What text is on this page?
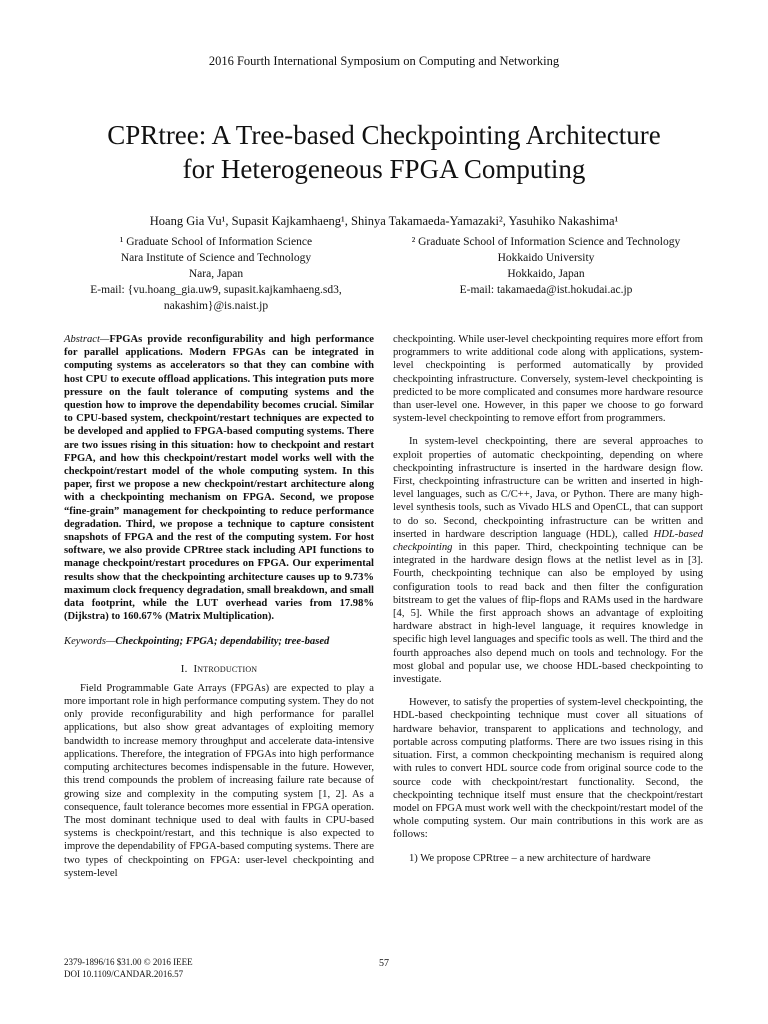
2016 Fourth International Symposium on Computing and Networking
CPRtree: A Tree-based Checkpointing Architecture
for Heterogeneous FPGA Computing
Hoang Gia Vu¹, Supasit Kajkamhaeng¹, Shinya Takamaeda-Yamazaki², Yasuhiko Nakashima¹
¹ Graduate School of Information Science
Nara Institute of Science and Technology
Nara, Japan
E-mail: {vu.hoang_gia.uw9, supasit.kajkamhaeng.sd3,
nakashim}@is.naist.jp
² Graduate School of Information Science and Technology
Hokkaido University
Hokkaido, Japan
E-mail: takamaeda@ist.hokudai.ac.jp

Abstract—FPGAs provide reconfigurability and high performance for parallel applications. Modern FPGAs can be integrated in computing systems as accelerators so that they can combine with host CPU to execute offload applications. This integration puts more pressure on the fault tolerance of computing systems and the question how to improve the dependability becomes crucial. Similar to CPU-based system, checkpoint/restart techniques are expected to be developed and applied to FPGA-based computing systems. There are two issues rising in this situation: how to checkpoint and restart FPGA, and how this checkpoint/restart model works well with the checkpoint/restart model of the whole computing system. In this paper, first we propose a new checkpoint/restart architecture along with a checkpointing mechanism on FPGA. Second, we propose “fine-grain” management for checkpointing to reduce performance degradation. Third, we propose a technique to capture consistent snapshots of FPGA and the rest of the computing system. For host software, we also provide CPRtree stack including API functions to manage checkpoint/restart procedures on FPGA. Our experimental results show that the checkpointing architecture causes up to 9.73% maximum clock frequency degradation, small breakdown, and small data footprint, while the LUT overhead varies from 17.98% (Dijkstra) to 160.67% (Matrix Multiplication).

Keywords—Checkpointing; FPGA; dependability; tree-based

I. Introduction

Field Programmable Gate Arrays (FPGAs) are expected to play a more important role in high performance computing system. They do not only provide reconfigurability and high performance for parallel applications, but also show great advantages of exploiting memory bandwidth to increase memory throughput and accelerate data-intensive applications. Therefore, the integration of FPGAs into high performance computing architectures becomes indispensable in the future. However, this trend compounds the problem of increasing failure rate because of growing size and complexity in the computing system [1, 2]. As a consequence, fault tolerance becomes more essential in FPGA operation. The most dominant technique used to deal with faults in CPU-based systems is checkpoint/restart, and this technique is also expected to improve the dependability of FPGA-based computing systems. There are two types of checkpointing on FPGA: user-level checkpointing and system-level

checkpointing. While user-level checkpointing requires more effort from programmers to write additional code along with applications, system-level checkpointing is performed automatically by provided checkpointing infrastructure. Conversely, system-level checkpointing is predicted to be more complicated and consumes more hardware resource than user-level one. However, in this paper we choose to go forward system-level checkpointing to remove effort from programmers.

In system-level checkpointing, there are several approaches to exploit properties of automatic checkpointing, depending on where checkpointing infrastructure is inserted in the hardware design flow. First, checkpointing infrastructure can be written and inserted in high-level languages, such as C/C++, Java, or Python. There are many high-level synthesis tools, such as Vivado HLS and OpenCL, that can support to do so. Second, checkpointing infrastructure can be written and inserted in hardware description language (HDL), called HDL-based checkpointing in this paper. Third, checkpointing technique can be integrated in the hardware design flows at the netlist level as in [3]. Fourth, checkpointing technique can also be employed by using configuration tools to read back and then filter the configuration bitstream to get the values of flip-flops and RAMs used in the hardware [4, 5]. While the first approach shows an advantage of exploiting hardware abstract in high-level language, it requires knowledge in specific high level languages and specific tools as well. The third and the fourth approaches also depend much on tools and technology. For the most global and popular use, we choose HDL-based checkpointing to investigate.

However, to satisfy the properties of system-level checkpointing, the HDL-based checkpointing technique must cover all situations of hardware behavior, transparent to applications and technology, and portable across computing platforms. There are two issues rising in this situation. First, a common checkpointing mechanism is required along with rules to convert HDL source code from original source code to the source code with checkpoint/restart functionality. Second, the checkpointing technique itself must ensure that the checkpoint/restart model on FPGA must work well with the checkpoint/restart model of the whole computing system. Our main contributions in this work are as follows:

1) We propose CPRtree – a new architecture of hardware

2379-1896/16 $31.00 © 2016 IEEE
DOI 10.1109/CANDAR.2016.57
57
